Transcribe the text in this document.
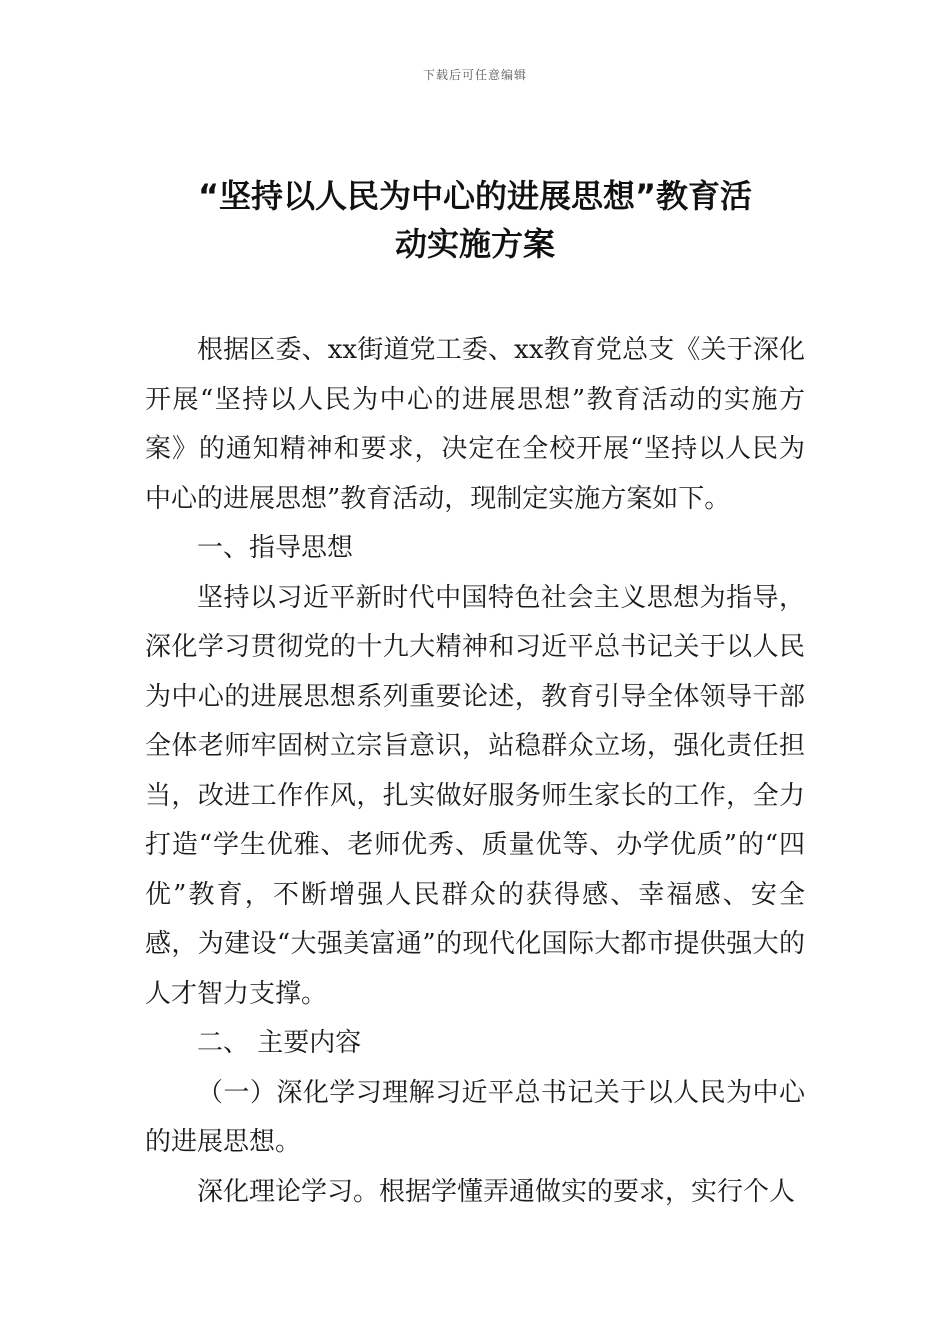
下载后可任意编辑
“坚持以人民为中心的进展思想”教育活
动实施方案

根据区委、xx街道党工委、xx教育党总支《关于深化开展“坚持以人民为中心的进展思想”教育活动的实施方案》的通知精神和要求，决定在全校开展“坚持以人民为中心的进展思想”教育活动，现制定实施方案如下。

一、指导思想

坚持以习近平新时代中国特色社会主义思想为指导，深化学习贯彻党的十九大精神和习近平总书记关于以人民为中心的进展思想系列重要论述，教育引导全体领导干部全体老师牢固树立宗旨意识，站稳群众立场，强化责任担当，改进工作作风，扎实做好服务师生家长的工作，全力打造“学生优雅、老师优秀、质量优等、办学优质”的“四优”教育，不断增强人民群众的获得感、幸福感、安全感，为建设“大强美富通”的现代化国际大都市提供强大的人才智力支撑。

二、 主要内容

（一）深化学习理解习近平总书记关于以人民为中心的进展思想。

深化理论学习。根据学懂弄通做实的要求，实行个人
